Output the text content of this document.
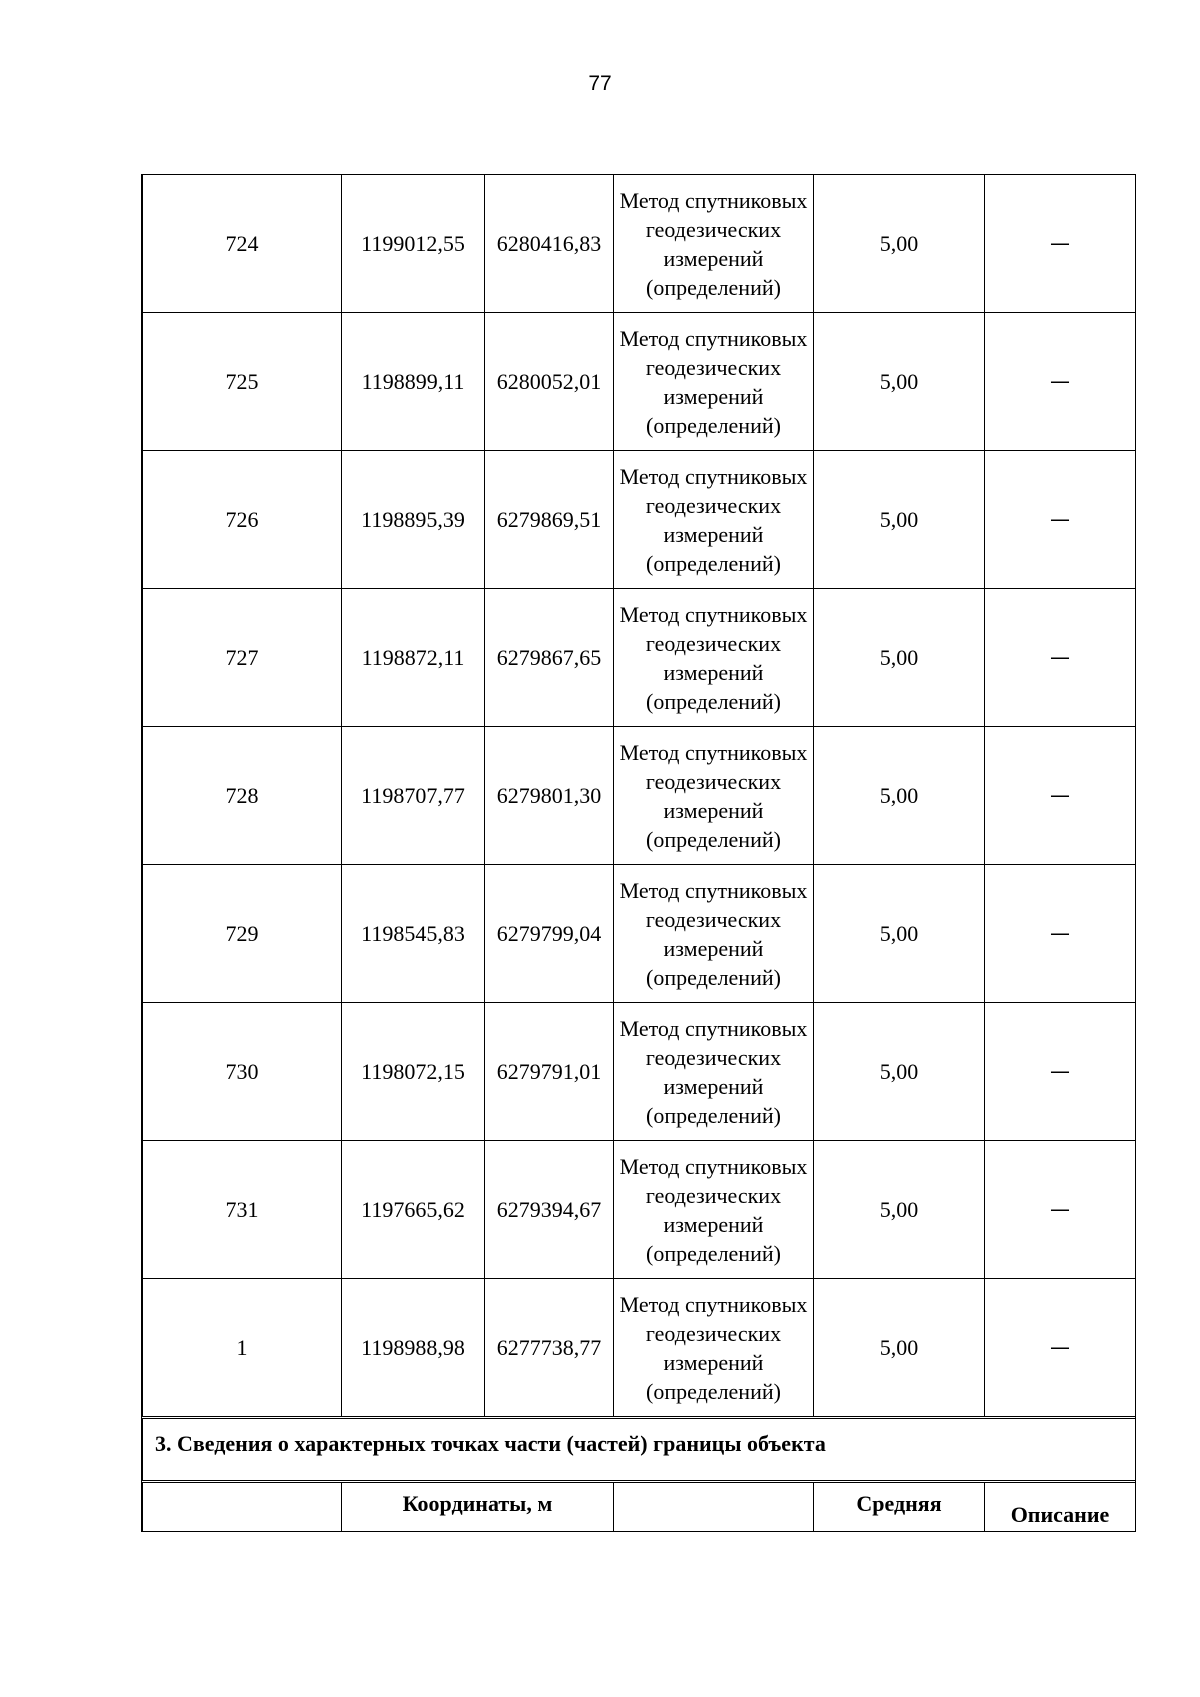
77
724	1199012,55	6280416,83	Метод спутниковых
геодезических
измерений
(определений)	5,00	—
725	1198899,11	6280052,01	Метод спутниковых
геодезических
измерений
(определений)	5,00	—
726	1198895,39	6279869,51	Метод спутниковых
геодезических
измерений
(определений)	5,00	—
727	1198872,11	6279867,65	Метод спутниковых
геодезических
измерений
(определений)	5,00	—
728	1198707,77	6279801,30	Метод спутниковых
геодезических
измерений
(определений)	5,00	—
729	1198545,83	6279799,04	Метод спутниковых
геодезических
измерений
(определений)	5,00	—
730	1198072,15	6279791,01	Метод спутниковых
геодезических
измерений
(определений)	5,00	—
731	1197665,62	6279394,67	Метод спутниковых
геодезических
измерений
(определений)	5,00	—
1	1198988,98	6277738,77	Метод спутниковых
геодезических
измерений
(определений)	5,00	—
3. Сведения о характерных точках части (частей) границы объекта					
	Координаты, м			Средняя	Описание
